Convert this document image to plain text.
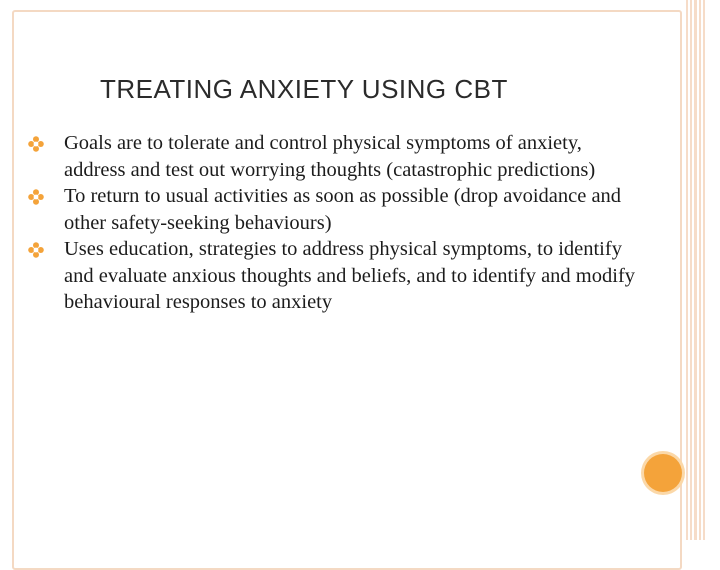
TREATING ANXIETY USING CBT
Goals are to tolerate and control physical symptoms of anxiety, address and test out worrying thoughts (catastrophic predictions)
To return to usual activities as soon as possible (drop avoidance and other safety-seeking behaviours)
Uses education, strategies to address physical symptoms, to identify and evaluate anxious thoughts and beliefs, and to identify and modify behavioural responses to anxiety
